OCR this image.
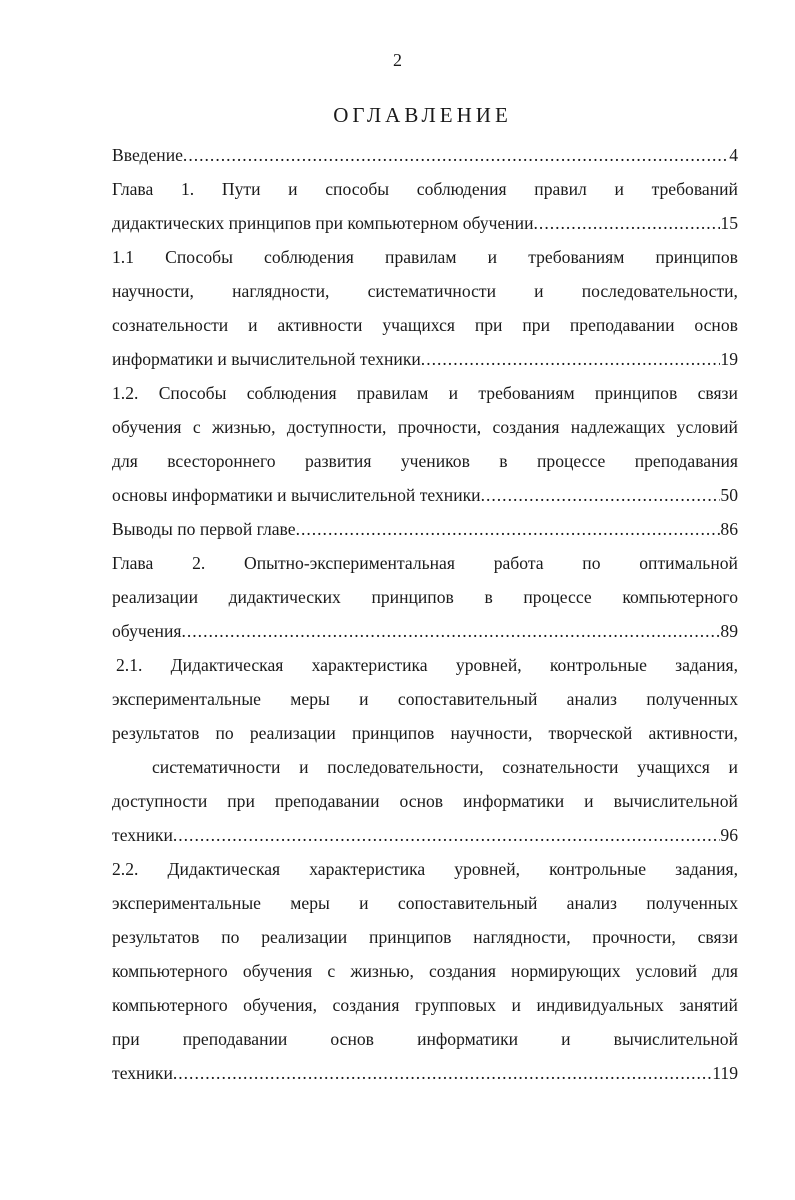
2
ОГЛАВЛЕНИЕ
Введение .....	4
Глава 1. Пути и способы соблюдения правил и требований
дидактических принципов при компьютерном обучении .....	15
1.1 Способы соблюдения правилам и требованиям принципов
научности, наглядности, систематичности и последовательности,
сознательности и активности учащихся при при преподавании основ
информатики и вычислительной техники .....	19
1.2. Способы соблюдения правилам и требованиям принципов связи
обучения с жизнью, доступности, прочности, создания надлежащих условий
для всестороннего развития учеников в процессе преподавания
основы информатики и вычислительной техники .....	50
Выводы по первой главе .....	86
Глава 2. Опытно-экспериментальная работа по оптимальной
реализации дидактических принципов в процессе компьютерного
обучения .....	89
2.1. Дидактическая характеристика уровней, контрольные задания,
экспериментальные меры и сопоставительный анализ полученных
результатов по реализации принципов научности, творческой активности,
систематичности и последовательности, сознательности учащихся и
доступности при преподавании основ информатики и вычислительной
техники .....	96
2.2. Дидактическая характеристика уровней, контрольные задания,
экспериментальные меры и сопоставительный анализ полученных
результатов по реализации принципов наглядности, прочности, связи
компьютерного обучения с жизнью, создания нормирующих условий для
компьютерного обучения, создания групповых и индивидуальных занятий
при преподавании основ информатики и вычислительной
техники .....	119
